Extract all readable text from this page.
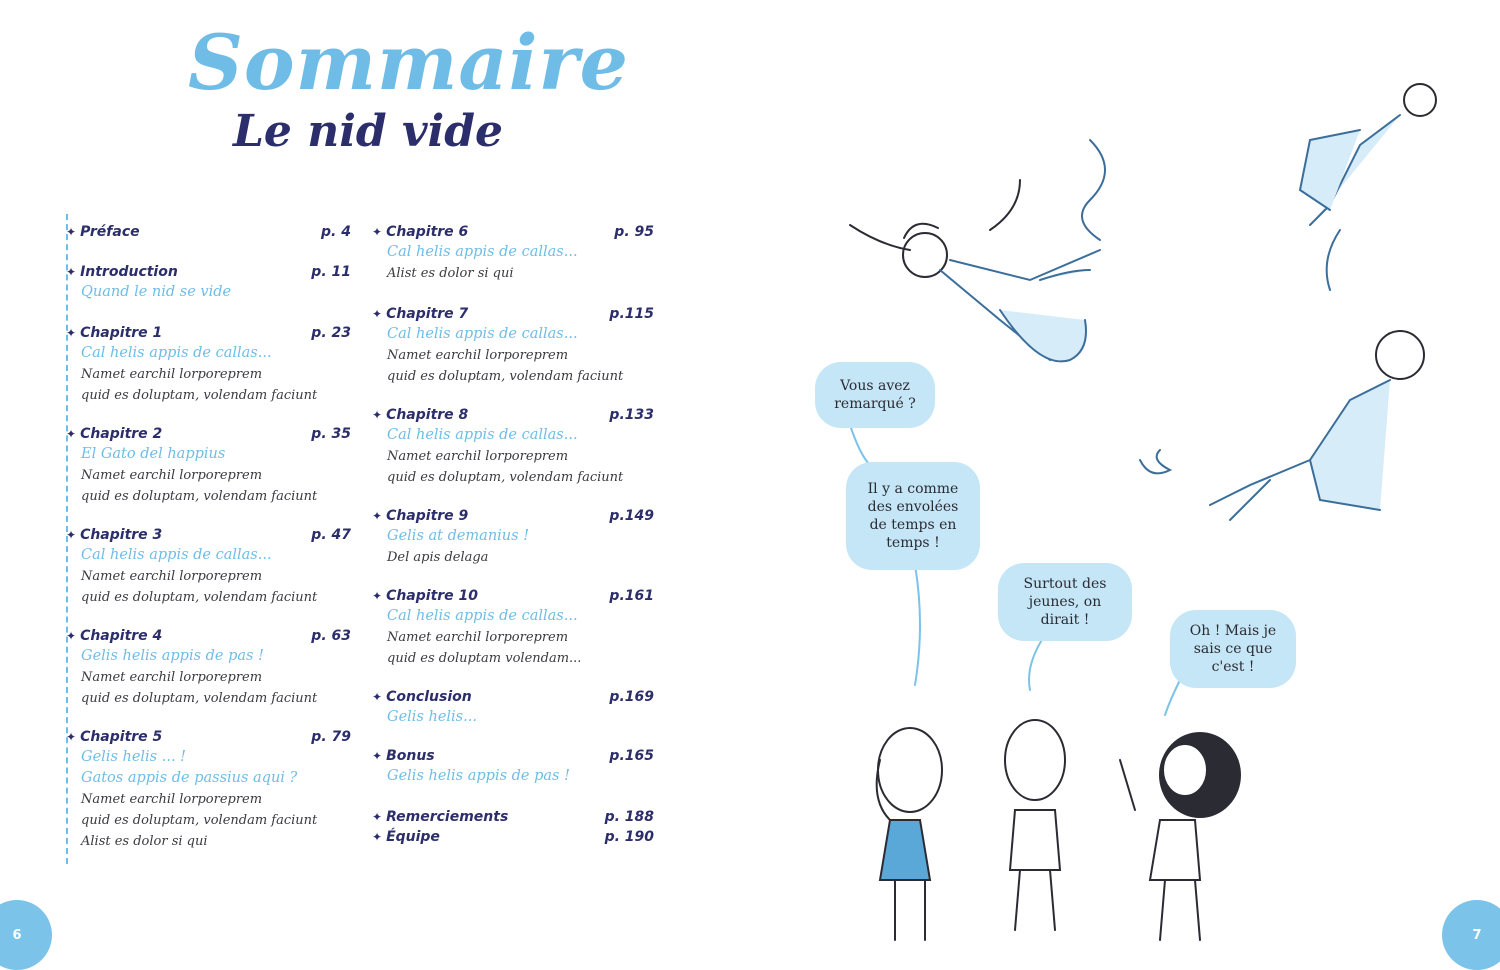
Sommaire
Le nid vide
✦ Préface	p. 4
✦ Introduction	p. 11
Quand le nid se vide
✦ Chapitre 1	p. 23
Cal helis appis de callas...
Namet earchil lorporeprem
quid es doluptam, volendam faciunt
✦ Chapitre 2	p. 35
El Gato del happius
Namet earchil lorporeprem
quid es doluptam, volendam faciunt
✦ Chapitre 3	p. 47
Cal helis appis de callas...
Namet earchil lorporeprem
quid es doluptam, volendam faciunt
✦ Chapitre 4	p. 63
Gelis helis appis de pas !
Namet earchil lorporeprem
quid es doluptam, volendam faciunt
✦ Chapitre 5	p. 79
Gelis helis ... !
Gatos appis de passius aqui ?
Namet earchil lorporeprem
quid es doluptam, volendam faciunt
Alist es dolor si qui
✦ Chapitre 6	p. 95
Cal helis appis de callas...
Alist es dolor si qui
✦ Chapitre 7	p.115
Cal helis appis de callas...
Namet earchil lorporeprem
quid es doluptam, volendam faciunt
✦ Chapitre 8	p.133
Cal helis appis de callas...
Namet earchil lorporeprem
quid es doluptam, volendam faciunt
✦ Chapitre 9	p.149
Gelis at demanius !
Del apis delaga
✦ Chapitre 10	p.161
Cal helis appis de callas...
Namet earchil lorporeprem
quid es doluptam volendam...
✦ Conclusion	p.169
Gelis helis...
✦ Bonus	p.165
Gelis helis appis de pas !
✦ Remerciements	p. 188
✦ Équipe	p. 190
6	7
Vous avez remarqué ?
Il y a comme des envolées de temps en temps !
Surtout des jeunes, on dirait !
Oh ! Mais je sais ce que c'est !
